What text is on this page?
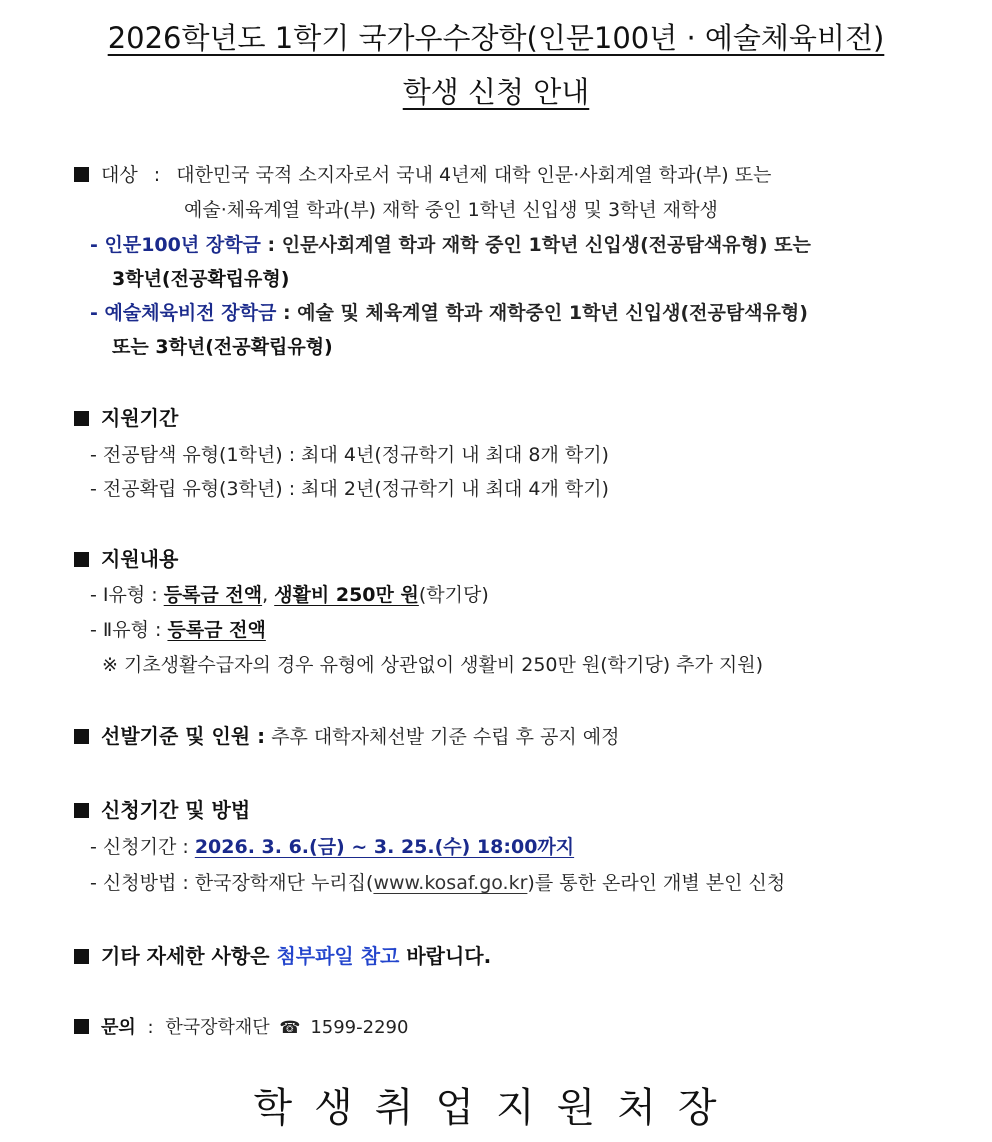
2026학년도 1학기 국가우수장학(인문100년 · 예술체육비전)
학생 신청 안내
대상 : 대한민국 국적 소지자로서 국내 4년제 대학 인문·사회계열 학과(부) 또는
예술·체육계열 학과(부) 재학 중인 1학년 신입생 및 3학년 재학생
- 인문100년 장학금 : 인문사회계열 학과 재학 중인 1학년 신입생(전공탐색유형) 또는
3학년(전공확립유형)
- 예술체육비전 장학금 : 예술 및 체육계열 학과 재학중인 1학년 신입생(전공탐색유형)
또는 3학년(전공확립유형)
지원기간
- 전공탐색 유형(1학년) : 최대 4년(정규학기 내 최대 8개 학기)
- 전공확립 유형(3학년) : 최대 2년(정규학기 내 최대 4개 학기)
지원내용
- Ⅰ유형 : 등록금 전액, 생활비 250만 원(학기당)
- Ⅱ유형 : 등록금 전액
※ 기초생활수급자의 경우 유형에 상관없이 생활비 250만 원(학기당) 추가 지원)
선발기준 및 인원 : 추후 대학자체선발 기준 수립 후 공지 예정
신청기간 및 방법
- 신청기간 : 2026. 3. 6.(금) ~ 3. 25.(수) 18:00까지
- 신청방법 : 한국장학재단 누리집(www.kosaf.go.kr)를 통한 온라인 개별 본인 신청
기타 자세한 사항은 첨부파일 참고 바랍니다.
문의 : 한국장학재단 ☎ 1599-2290
학생취업지원처장
